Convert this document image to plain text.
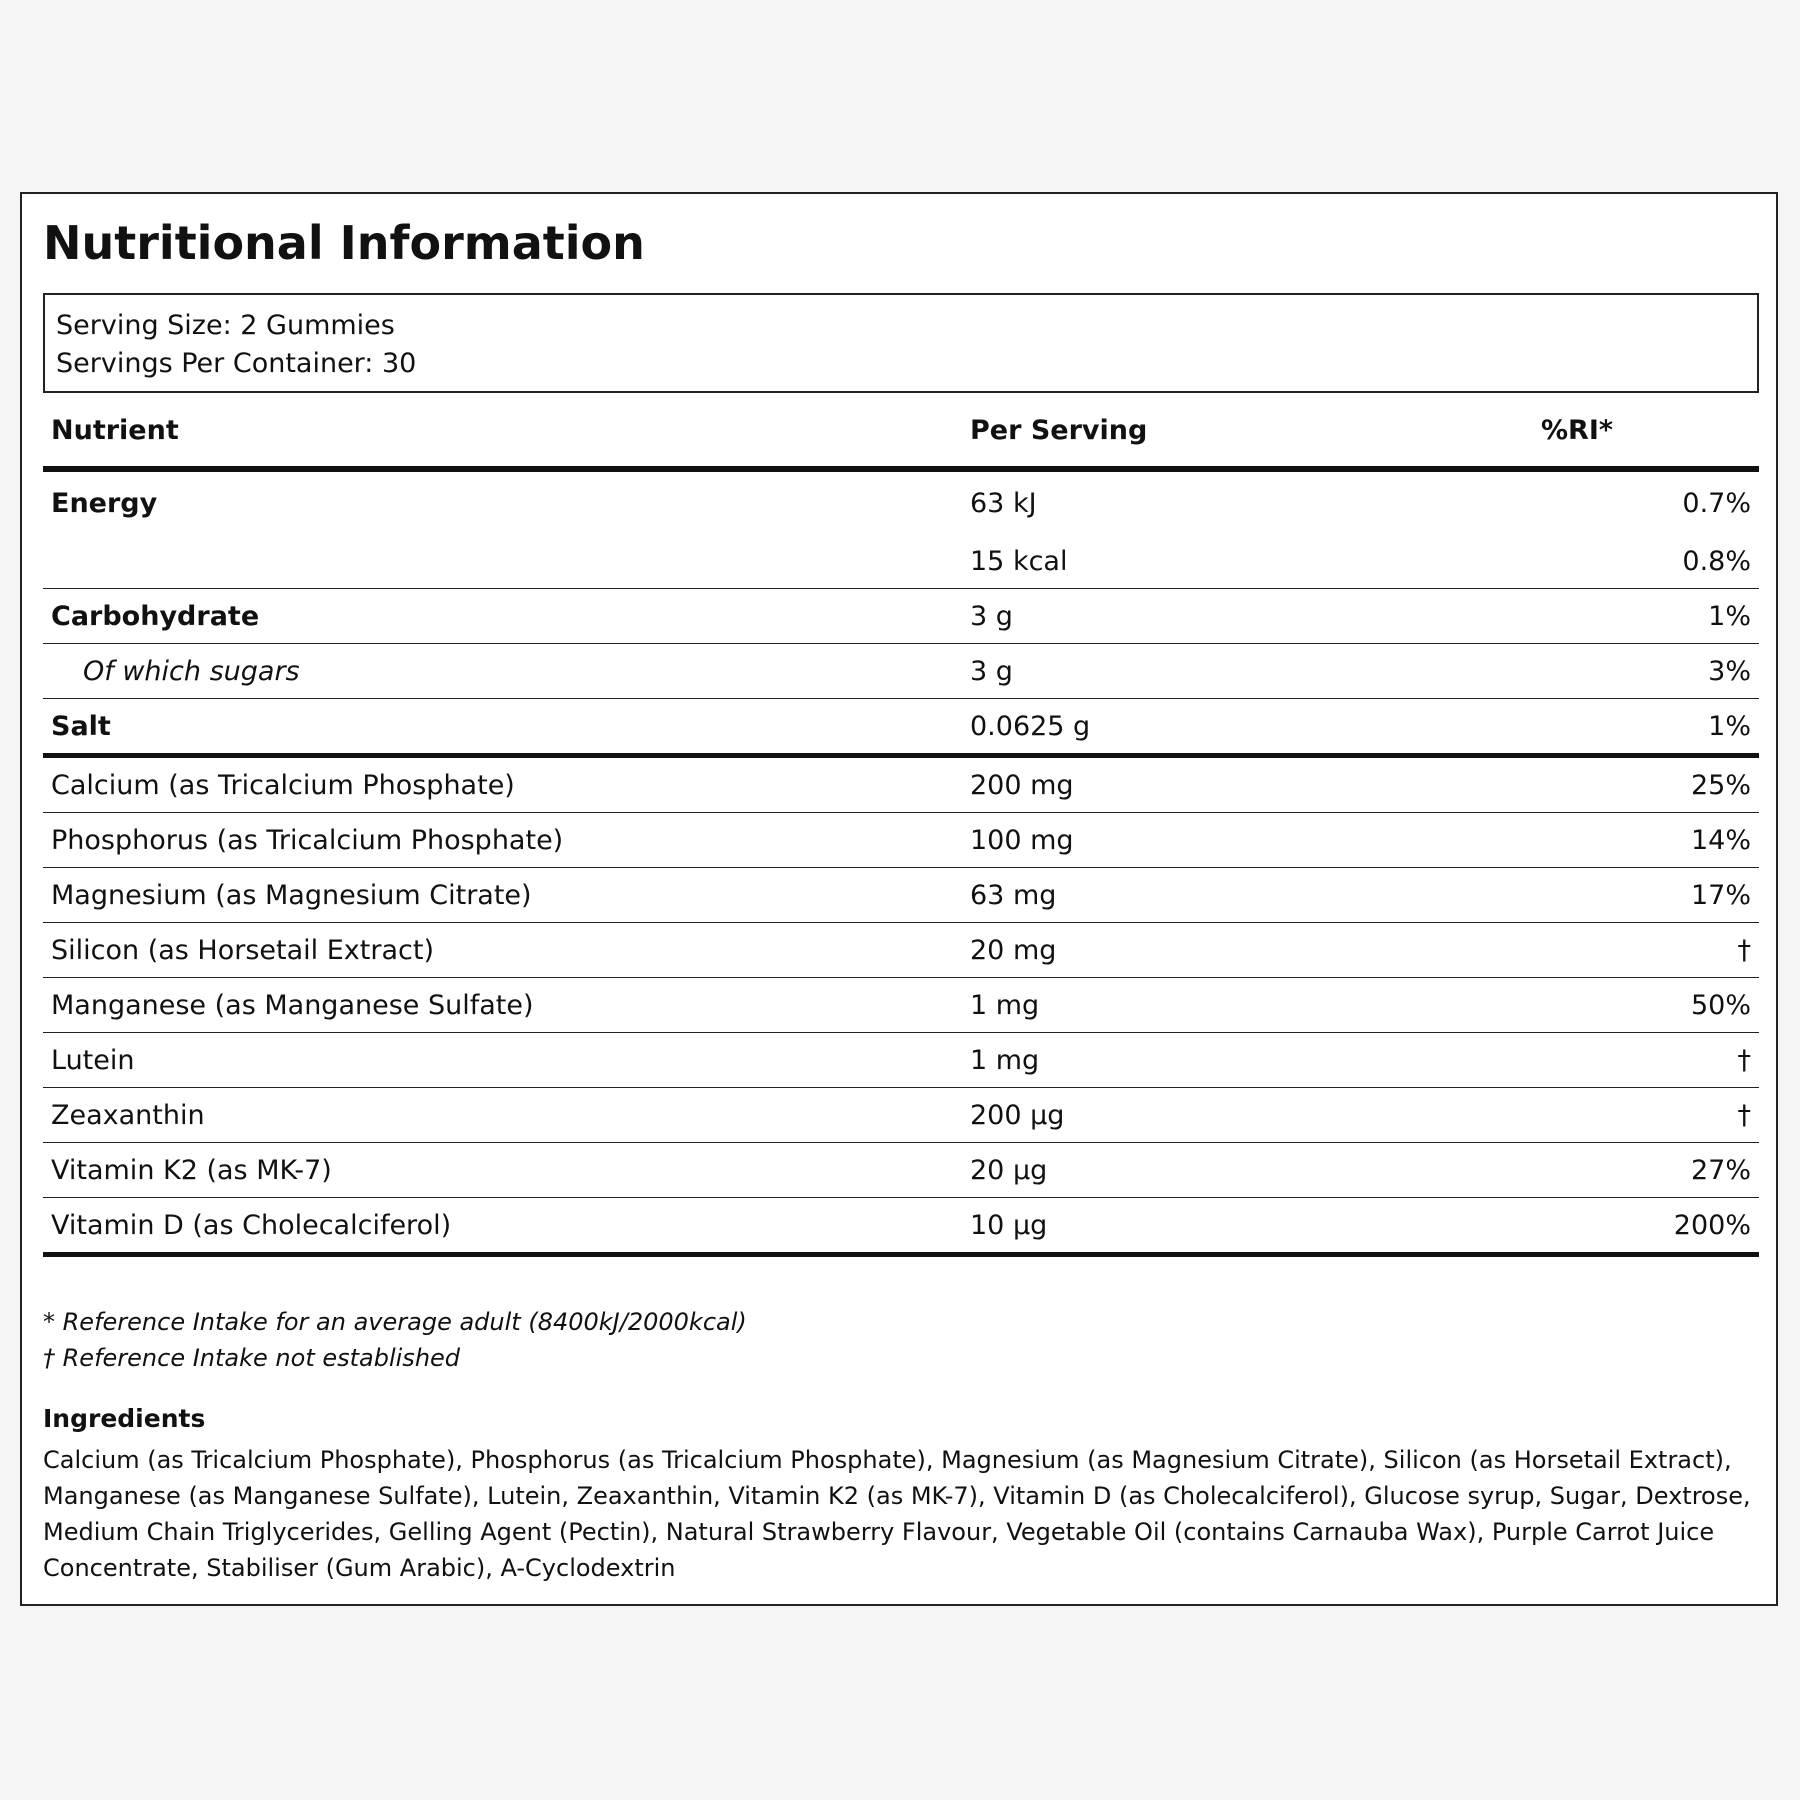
Nutritional Information
Serving Size: 2 Gummies
Servings Per Container: 30
Nutrient	Per Serving	%RI*
Energy	63 kJ	0.7%
	15 kcal	0.8%
Carbohydrate	3 g	1%
Of which sugars	3 g	3%
Salt	0.0625 g	1%
Calcium (as Tricalcium Phosphate)	200 mg	25%
Phosphorus (as Tricalcium Phosphate)	100 mg	14%
Magnesium (as Magnesium Citrate)	63 mg	17%
Silicon (as Horsetail Extract)	20 mg	†
Manganese (as Manganese Sulfate)	1 mg	50%
Lutein	1 mg	†
Zeaxanthin	200 µg	†
Vitamin K2 (as MK-7)	20 µg	27%
Vitamin D (as Cholecalciferol)	10 µg	200%
* Reference Intake for an average adult (8400kJ/2000kcal)
† Reference Intake not established
Ingredients

Calcium (as Tricalcium Phosphate), Phosphorus (as Tricalcium Phosphate), Magnesium (as Magnesium Citrate), Silicon (as Horsetail Extract), Manganese (as Manganese Sulfate), Lutein, Zeaxanthin, Vitamin K2 (as MK-7), Vitamin D (as Cholecalciferol), Glucose syrup, Sugar, Dextrose, Medium Chain Triglycerides, Gelling Agent (Pectin), Natural Strawberry Flavour, Vegetable Oil (contains Carnauba Wax), Purple Carrot Juice Concentrate, Stabiliser (Gum Arabic), A-Cyclodextrin
